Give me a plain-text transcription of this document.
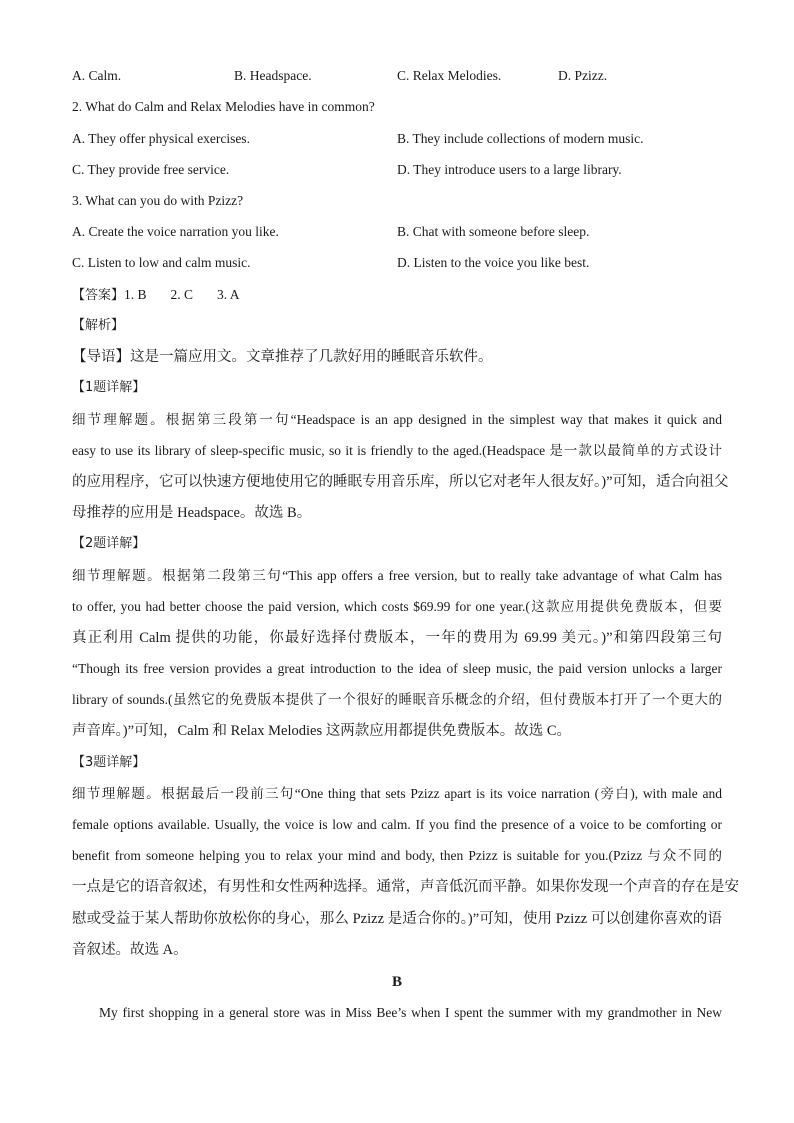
A. Calm.	B. Headspace.	C. Relax Melodies.	D. Pzizz.
2. What do Calm and Relax Melodies have in common?
A. They offer physical exercises.	B. They include collections of modern music.
C. They provide free service.	D. They introduce users to a large library.
3. What can you do with Pzizz?
A. Create the voice narration you like.	B. Chat with someone before sleep.
C. Listen to low and calm music.	D. Listen to the voice you like best.
【答案】1. B 2. C 3. A
【解析】
【导语】这是一篇应用文。文章推荐了几款好用的睡眠音乐软件。
【1题详解】
细节理解题。根据第三段第一句“Headspace is an app designed in the simplest way that makes it quick and
easy to use its library of sleep-specific music, so it is friendly to the aged.(Headspace 是一款以最简单的方式设计
的应用程序，它可以快速方便地使用它的睡眠专用音乐库，所以它对老年人很友好。)”可知，适合向祖父
母推荐的应用是 Headspace。故选 B。
【2题详解】
细节理解题。根据第二段第三句“This app offers a free version, but to really take advantage of what Calm has
to offer, you had better choose the paid version, which costs $69.99 for one year.(这款应用提供免费版本，但要
真正利用 Calm 提供的功能，你最好选择付费版本，一年的费用为 69.99 美元。)”和第四段第三句
“Though its free version provides a great introduction to the idea of sleep music, the paid version unlocks a larger
library of sounds.(虽然它的免费版本提供了一个很好的睡眠音乐概念的介绍，但付费版本打开了一个更大的
声音库。)”可知，Calm 和 Relax Melodies 这两款应用都提供免费版本。故选 C。
【3题详解】
细节理解题。根据最后一段前三句“One thing that sets Pzizz apart is its voice narration (旁白), with male and
female options available. Usually, the voice is low and calm. If you find the presence of a voice to be comforting or
benefit from someone helping you to relax your mind and body, then Pzizz is suitable for you.(Pzizz 与众不同的
一点是它的语音叙述，有男性和女性两种选择。通常，声音低沉而平静。如果你发现一个声音的存在是安
慰或受益于某人帮助你放松你的身心，那么 Pzizz 是适合你的。)”可知，使用 Pzizz 可以创建你喜欢的语
音叙述。故选 A。
B
My first shopping in a general store was in Miss Bee’s when I spent the summer with my grandmother in New
